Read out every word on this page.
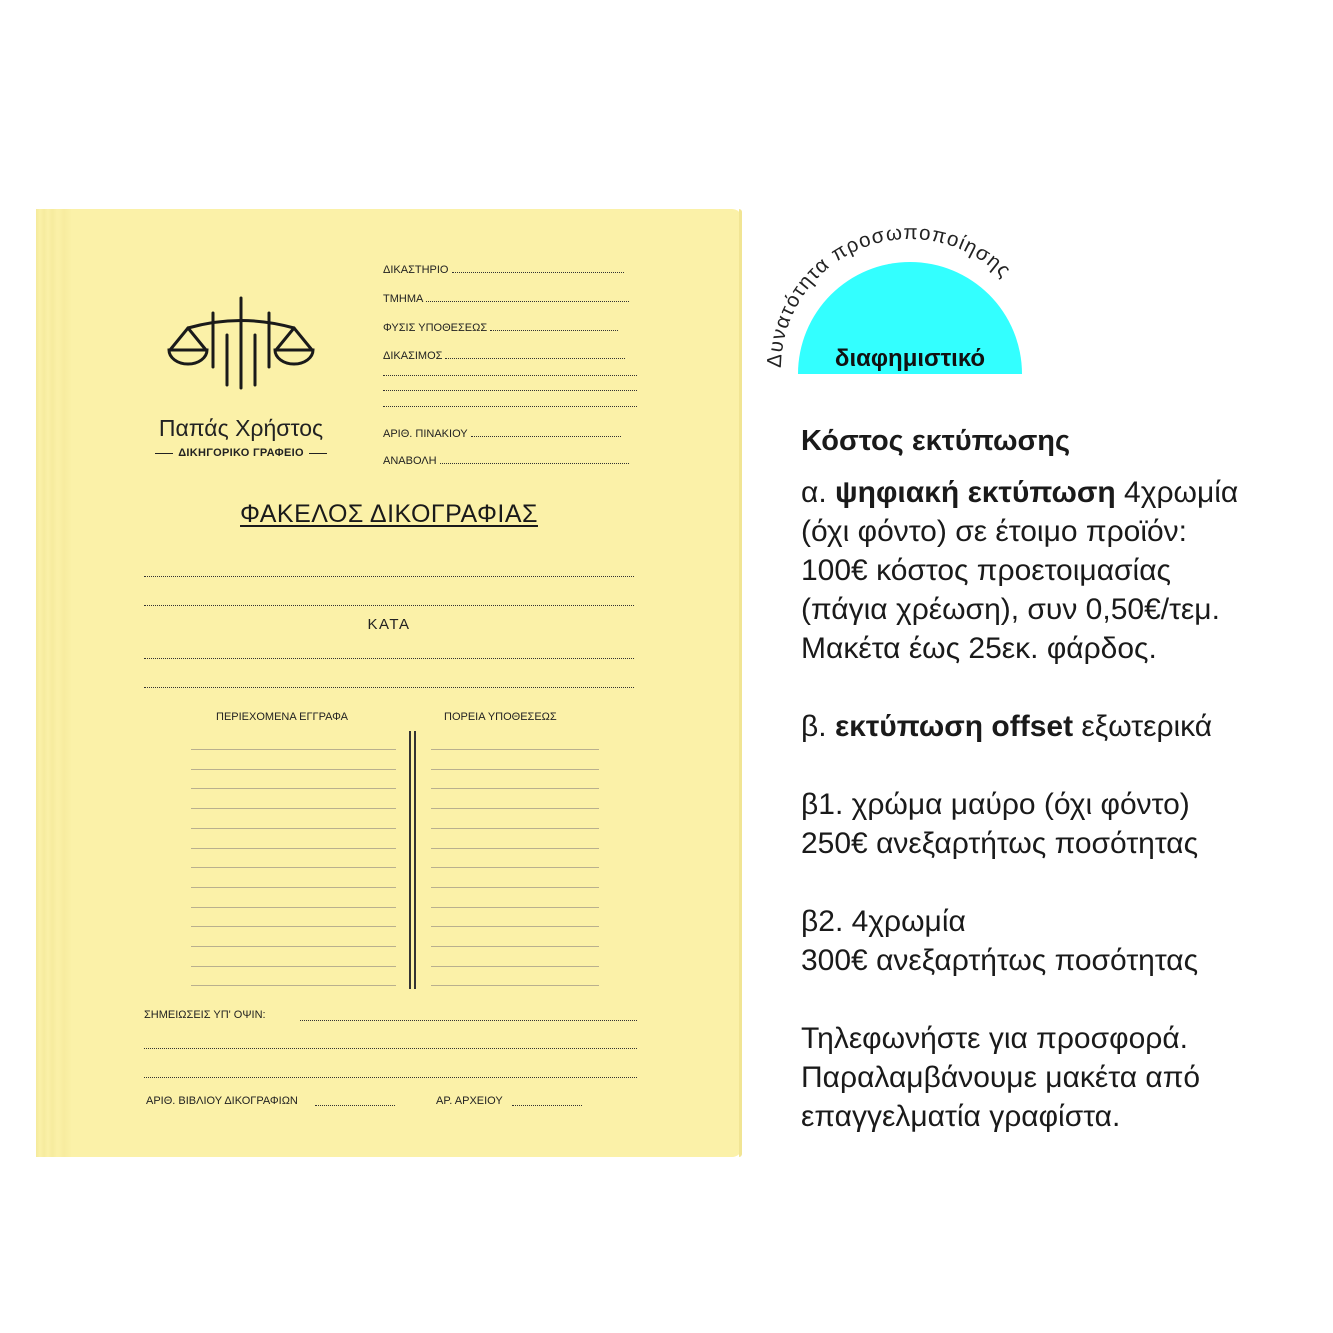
Παπάς Χρήστος
ΔΙΚΗΓΟΡΙΚΟ ΓΡΑΦΕΙΟ
ΔΙΚΑΣΤΗΡΙΟ
ΤΜΗΜΑ
ΦΥΣΙΣ ΥΠΟΘΕΣΕΩΣ
ΔΙΚΑΣΙΜΟΣ
ΑΡΙΘ. ΠΙΝΑΚΙΟΥ
ΑΝΑΒΟΛΗ
ΦΑΚΕΛΟΣ ΔΙΚΟΓΡΑΦΙΑΣ
ΚΑΤΑ
ΠΕΡΙΕΧΟΜΕΝΑ ΕΓΓΡΑΦΑ	ΠΟΡΕΙΑ ΥΠΟΘΕΣΕΩΣ
ΣΗΜΕΙΩΣΕΙΣ ΥΠ' ΟΨΙΝ:
ΑΡΙΘ. ΒΙΒΛΙΟΥ ΔΙΚΟΓΡΑΦΙΩΝ	ΑΡ. ΑΡΧΕΙΟΥ
Δυνατότητα προσωποποίησης
διαφημιστικό

Κόστος εκτύπωσης

α. ψηφιακή εκτύπωση 4χρωμία

(όχι φόντο) σε έτοιμο προϊόν:

100€ κόστος προετοιμασίας

(πάγια χρέωση), συν 0,50€/τεμ.

Μακέτα έως 25εκ. φάρδος.

β. εκτύπωση offset εξωτερικά

β1. χρώμα μαύρο (όχι φόντο)

250€ ανεξαρτήτως ποσότητας

β2. 4χρωμία

300€ ανεξαρτήτως ποσότητας

Τηλεφωνήστε για προσφορά.

Παραλαμβάνουμε μακέτα από

επαγγελματία γραφίστα.
